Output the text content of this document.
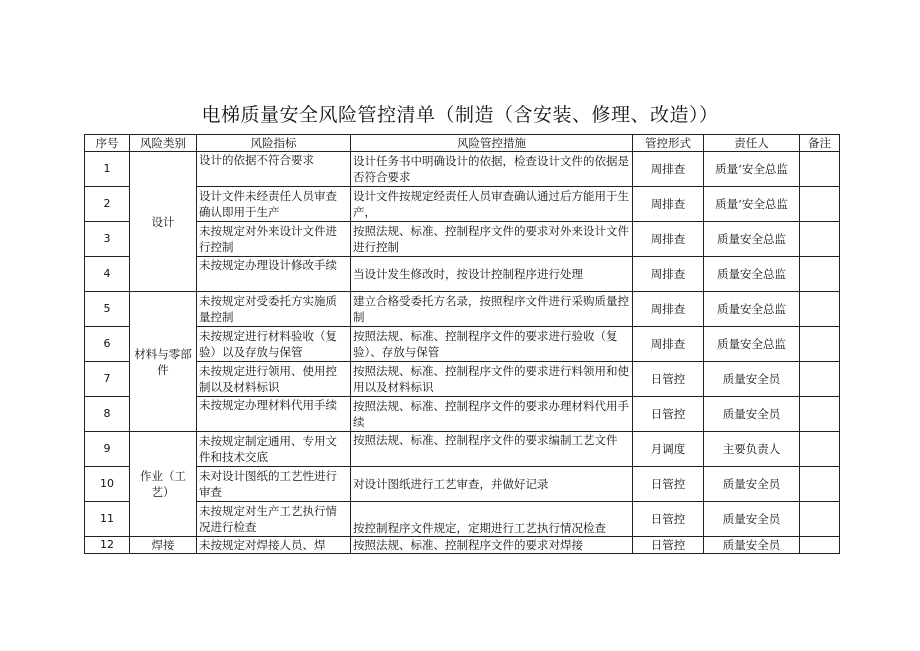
电梯质量安全风险管控清单（制造（含安装、修理、改造））
序号	风险类别	风险指标	风险管控措施	管控形式	责任人	备注
1	设计	设计的依据不符合要求	设计任务书中明确设计的依据，检查设计文件的依据是否符合要求	周排查	质量‘安全总监	
2		设计文件未经责任人员审查确认即用于生产	设计文件按规定经责任人员审查确认通过后方能用于生产，	周排查	质量‘安全总监	
3		未按规定对外来设计文件进行控制	按照法规、标准、控制程序文件的要求对外来设计文件进行控制	周排查	质量安全总监	
4		未按规定办理设计修改手续	当设计发生修改时，按设计控制程序进行处理	周排查	质量安全总监	
5	材料与零部件	未按规定对受委托方实施质量控制	建立合格受委托方名录，按照程序文件进行采购质量控制	周排查	质量安全总监	
6		未按规定进行材料验收（复验）以及存放与保管	按照法规、标准、控制程序文件的要求进行验收（复验）、存放与保管	周排查	质量安全总监	
7		未按规定进行领用、使用控制以及材料标识	按照法规、标准、控制程序文件的要求进行料领用和使用以及材料标识	日管控	质量安全员	
8		未按规定办理材料代用手续	按照法规、标准、控制程序文件的要求办理材料代用手续	日管控	质量安全员	
9	作业（工艺）	未按规定制定通用、专用文件和技术交底	按照法规、标准、控制程序文件的要求编制工艺文件	月调度	主要负责人	
10		未对设计图纸的工艺性进行审查	对设计图纸进行工艺审查，并做好记录	日管控	质量安全员	
11		未按规定对生产工艺执行情况进行检查	按控制程序文件规定，定期进行工艺执行情况检查	日管控	质量安全员	
12	焊接	未按规定对焊接人员、焊	按照法规、标准、控制程序文件的要求对焊接	日管控	质量安全员	
